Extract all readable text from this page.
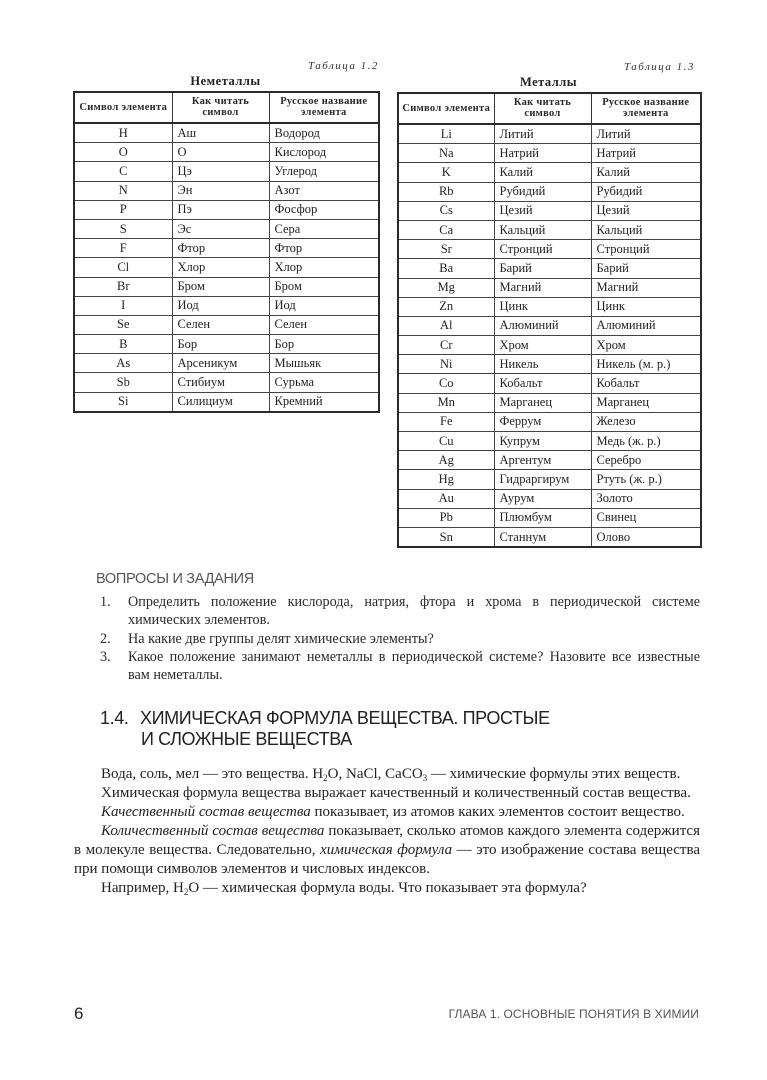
Таблица 1.2
Неметаллы
Символ элемента	Как читать символ	Русское название элемента
H	Аш	Водород
O	О	Кислород
C	Цэ	Углерод
N	Эн	Азот
P	Пэ	Фосфор
S	Эс	Сера
F	Фтор	Фтор
Cl	Хлор	Хлор
Br	Бром	Бром
I	Иод	Иод
Se	Селен	Селен
B	Бор	Бор
As	Арсеникум	Мышьяк
Sb	Стибиум	Сурьма
Si	Силициум	Кремний
Таблица 1.3
Металлы
Символ элемента	Как читать символ	Русское название элемента
Li	Литий	Литий
Na	Натрий	Натрий
K	Калий	Калий
Rb	Рубидий	Рубидий
Cs	Цезий	Цезий
Ca	Кальций	Кальций
Sr	Стронций	Стронций
Ba	Барий	Барий
Mg	Магний	Магний
Zn	Цинк	Цинк
Al	Алюминий	Алюминий
Cr	Хром	Хром
Ni	Никель	Никель (м. р.)
Co	Кобальт	Кобальт
Mn	Марганец	Марганец
Fe	Феррум	Железо
Cu	Купрум	Медь (ж. р.)
Ag	Аргентум	Серебро
Hg	Гидраргирум	Ртуть (ж. р.)
Au	Аурум	Золото
Pb	Плюмбум	Свинец
Sn	Станнум	Олово
ВОПРОСЫ И ЗАДАНИЯ
1. Определить положение кислорода, натрия, фтора и хрома в периодической системе химических элементов.
2. На какие две группы делят химические элементы?
3. Какое положение занимают неметаллы в периодической системе? Назовите все известные вам неметаллы.
1.4. ХИМИЧЕСКАЯ ФОРМУЛА ВЕЩЕСТВА. ПРОСТЫЕ
И СЛОЖНЫЕ ВЕЩЕСТВА

Вода, соль, мел — это вещества. $H_2O$, NaCl, CaCO$_3$ — химические формулы этих веществ.

Химическая формула вещества выражает качественный и количественный состав вещества.

Качественный состав вещества показывает, из атомов каких элементов состоит вещество.

Количественный состав вещества показывает, сколько атомов каждого элемента содержится в молекуле вещества. Следовательно, химическая формула — это изображение состава вещества при помощи символов элементов и числовых индексов.

Например, $H_2O$ — химическая формула воды. Что показывает эта формула?

6	ГЛАВА 1. ОСНОВНЫЕ ПОНЯТИЯ В ХИМИИ
